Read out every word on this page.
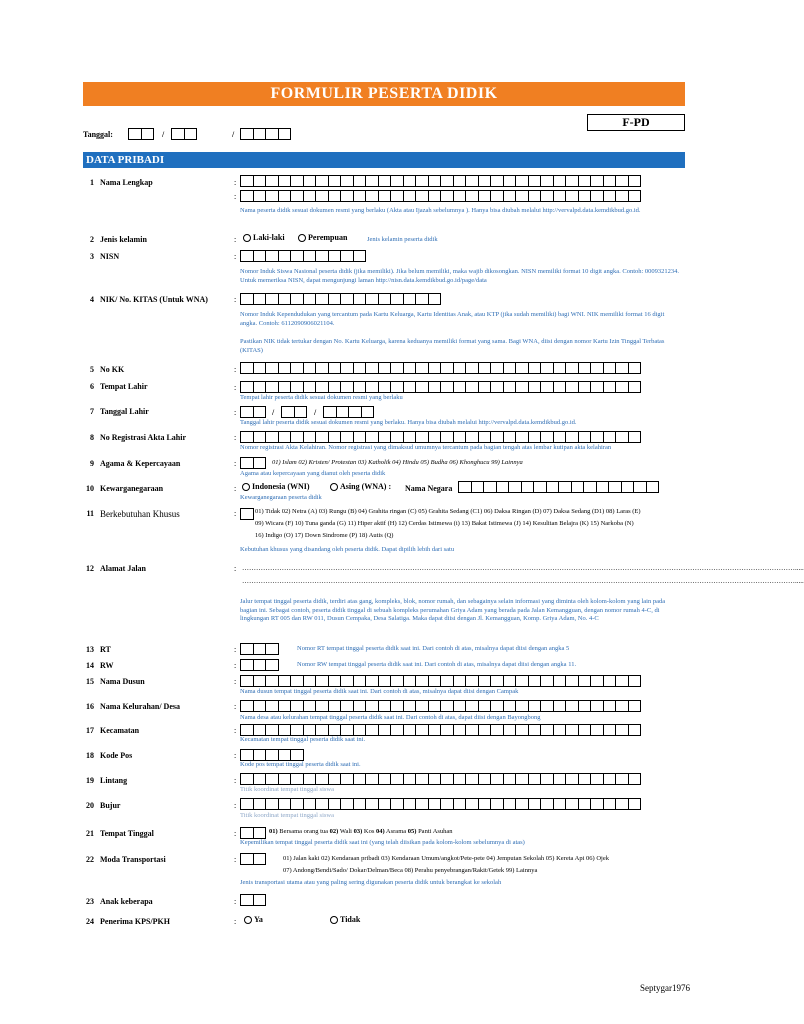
FORMULIR PESERTA DIDIK
F-PD
Tanggal:	/	/
DATA PRIBADI
1 Nama Lengkap	:
:
Nama peserta didik sesuai dokumen resmi yang berlaku (Akta atau Ijazah sebelumnya ). Hanya bisa diubah melalui http://vervalpd.data.kemdikbud.go.id.
2 Jenis kelamin	:	Laki-laki	Perempuan	Jenis kelamin peserta didik
3 NISN	:
Nomor Induk Siswa Nasional peserta didik (jika memiliki). Jika belum memiliki, maka wajib dikosongkan. NISN memiliki format 10 digit angka. Contoh: 0009321234. Untuk memeriksa NISN, dapat mengunjungi laman http://nisn.data.kemdikbud.go.id/page/data
4 NIK/ No. KITAS (Untuk WNA)	:
Nomor Induk Kependudukan yang tercantum pada Kartu Keluarga, Kartu Identitas Anak, atau KTP (jika sudah memiliki) bagi WNI. NIK memiliki format 16 digit angka. Contoh: 6112090906021104.
Pastikan NIK tidak tertukar dengan No. Kartu Keluarga, karena keduanya memiliki format yang sama. Bagi WNA, diisi dengan nomor Kartu Izin Tinggal Terbatas (KITAS)
5 No KK	:
6 Tempat Lahir	:
Tempat lahir peserta didik sesuai dokumen resmi yang berlaku
7 Tanggal Lahir	:	/	/
Tanggal lahir peserta didik sesuai dokumen resmi yang berlaku. Hanya bisa diubah melalui http://vervalpd.data.kemdikbud.go.id.
8 No Registrasi Akta Lahir	:
Nomor registrasi Akta Kelahiran. Nomor registrasi yang dimaksud umumnya tercantum pada bagian tengah atas lembar kutipan akta kelahiran
9 Agama & Kepercayaan	:	01) Islam 02) Kristen/ Protestan 03) Katholik 04) Hindu 05) Budha 06) Khonghucu 99) Lainnya
Agama atau kepercayaan yang dianut oleh peserta didik
10 Kewarganegaraan	:	Indonesia (WNI)	Asing (WNA) : Nama Negara
Kewarganegaraan peserta didik
11 Berkebutuhan Khusus	:	01) Tidak 02) Netra (A) 03) Rungu (B) 04) Grahita ringan (C) 05) Grahita Sedang (C1) 06) Daksa Ringan (D) 07) Daksa Sedang (D1) 08) Laras (E)
09) Wicara (F) 10) Tuna ganda (G) 11) Hiper aktif (H) 12) Cerdas Istimewa (i) 13) Bakat Istimewa (J) 14) Kesulitan Belajra (K) 15) Narkoba (N)
16) Indigo (O) 17) Down Sindrome (P) 18) Autis (Q)
Kebutuhan khusus yang disandang oleh peserta didik. Dapat dipilih lebih dari satu
12 Alamat Jalan	: ………………………………………………………………………………………………………………………………………………………………………………………………………………….....
………………………………………………………………………………………………………………………………………………………………………………………………………………….....
Jalur tempat tinggal peserta didik, terdiri atas gang, kompleks, blok, nomor rumah, dan sebagainya selain informasi yang diminta oleh kolom-kolom yang lain pada bagian ini. Sebagai contoh, peserta didik tinggal di sebuah kompleks perumahan Griya Adam yang berada pada Jalan Kemangguan, dengan nomor rumah 4-C, di lingkungan RT 005 dan RW 011, Dusun Cempaka, Desa Salatiga. Maka dapat diisi dengan Jl. Kemangguan, Komp. Griya Adam, No. 4-C
13 RT	:	Nomor RT tempat tinggal peserta didik saat ini. Dari contoh di atas, misalnya dapat diisi dengan angka 5
14 RW	:	Nomor RW tempat tinggal peserta didik saat ini. Dari contoh di atas, misalnya dapat diisi dengan angka 11.
15 Nama Dusun	:
Nama dusun tempat tinggal peserta didik saat ini. Dari contoh di atas, misalnya dapat diisi dengan Campak
16 Nama Kelurahan/ Desa	:
Nama desa atau kelurahan tempat tinggal peserta didik saat ini. Dari contoh di atas, dapat diisi dengan Bayongbong
17 Kecamatan	:
Kecamatan tempat tinggal peserta didik saat ini.
18 Kode Pos	:
Kode pos tempat tinggal peserta didik saat ini.
19 Lintang	:
Titik koordinat tempat tinggal siswa
20 Bujur	:
Titik koordinat tempat tinggal siswa
21 Tempat Tinggal	:	01) Bersama orang tua 02) Wali 03) Kos 04) Asrama 05) Panti Asuhan
Kepemilikan tempat tinggal peserta didik saat ini (yang telah diisikan pada kolom-kolom sebelumnya di atas)
22 Moda Transportasi	:	01) Jalan kaki 02) Kendaraan pribadi 03) Kendaraan Umum/angkot/Pete-pete 04) Jemputan Sekolah 05) Kereta Api 06) Ojek
07) Andong/Bendi/Sado/ Dokar/Delman/Beca 08) Perahu penyebrangan/Rakit/Getek 99) Lainnya
Jenis transportasi utama atau yang paling sering digunakan peserta didik untuk berangkat ke sekolah
23 Anak keberapa	:
24 Penerima KPS/PKH	:	Ya	Tidak
Septygar1976
